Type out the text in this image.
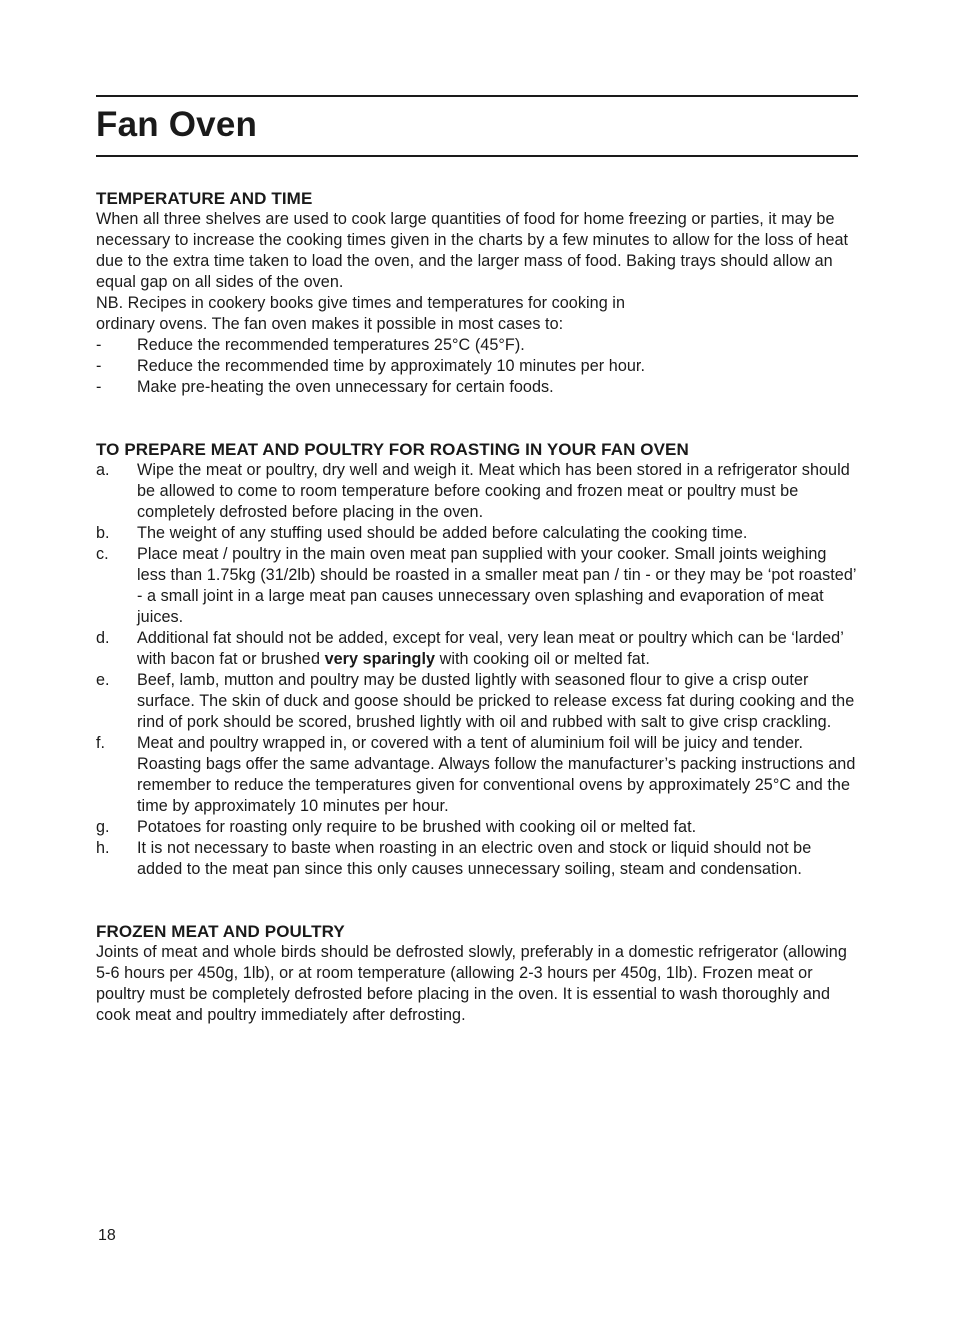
Fan Oven
TEMPERATURE AND TIME

When all three shelves are used to cook large quantities of food for home freezing or parties, it may be necessary to increase the cooking times given in the charts by a few minutes to allow for the loss of heat due to the extra time taken to load the oven, and the larger mass of food. Baking trays should allow an equal gap on all sides of the oven.

NB. Recipes in cookery books give times and temperatures for cooking in

ordinary ovens. The fan oven makes it possible in most cases to:

- Reduce the recommended temperatures 25°C (45°F).
- Reduce the recommended time by approximately 10 minutes per hour.
- Make pre-heating the oven unnecessary for certain foods.
TO PREPARE MEAT AND POULTRY FOR ROASTING IN YOUR FAN OVEN
a. Wipe the meat or poultry, dry well and weigh it. Meat which has been stored in a refrigerator should be allowed to come to room temperature before cooking and frozen meat or poultry must be completely defrosted before placing in the oven.
b. The weight of any stuffing used should be added before calculating the cooking time.
c. Place meat / poultry in the main oven meat pan supplied with your cooker. Small joints weighing less than 1.75kg (31/2lb) should be roasted in a smaller meat pan / tin - or they may be ‘pot roasted’ - a small joint in a large meat pan causes unnecessary oven splashing and evaporation of meat juices.
d. Additional fat should not be added, except for veal, very lean meat or poultry which can be ‘larded’ with bacon fat or brushed very sparingly with cooking oil or melted fat.
e. Beef, lamb, mutton and poultry may be dusted lightly with seasoned flour to give a crisp outer surface. The skin of duck and goose should be pricked to release excess fat during cooking and the rind of pork should be scored, brushed lightly with oil and rubbed with salt to give crisp crackling.
f. Meat and poultry wrapped in, or covered with a tent of aluminium foil will be juicy and tender. Roasting bags offer the same advantage. Always follow the manufacturer’s packing instructions and remember to reduce the temperatures given for conventional ovens by approximately 25°C and the time by approximately 10 minutes per hour.
g. Potatoes for roasting only require to be brushed with cooking oil or melted fat.
h. It is not necessary to baste when roasting in an electric oven and stock or liquid should not be added to the meat pan since this only causes unnecessary soiling, steam and condensation.
FROZEN MEAT AND POULTRY

Joints of meat and whole birds should be defrosted slowly, preferably in a domestic refrigerator (allowing 5-6 hours per 450g, 1lb), or at room temperature (allowing 2-3 hours per 450g, 1lb). Frozen meat or poultry must be completely defrosted before placing in the oven. It is essential to wash thoroughly and cook meat and poultry immediately after defrosting.

18
